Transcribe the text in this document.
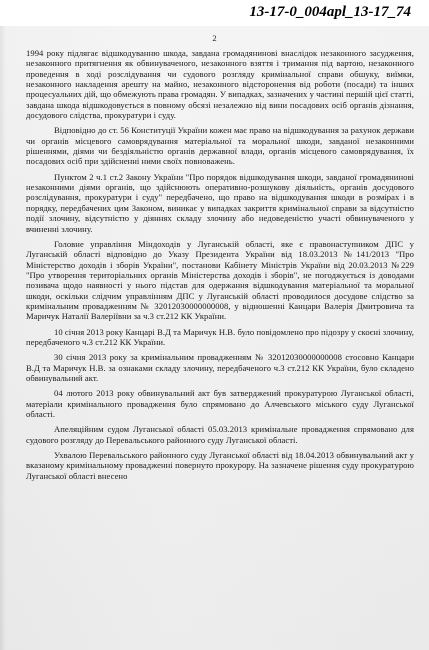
13-17-0_004apl_13-17_74
2

1994 року підлягає відшкодуванню шкода, завдана громадянинові внаслідок незаконного засудження, незаконного притягнення як обвинуваченого, незаконного взяття і тримання під вартою, незаконного проведення в ході розслідування чи судового розгляду кримінальної справи обшуку, виїмки, незаконного накладення арешту на майно, незаконного відсторонення від роботи (посади) та інших процесуальних дій, що обмежують права громадян. У випадках, зазначених у частині першій цієї статті, завдана шкода відшкодовується в повному обсязі незалежно від вини посадових осіб органів дізнання, досудового слідства, прокуратури і суду.

Відповідно до ст. 56 Конституції України кожен має право на відшкодування за рахунок держави чи органів місцевого самоврядування матеріальної та моральної шкоди, завданої незаконними рішеннями, діями чи бездіяльністю органів державної влади, органів місцевого самоврядування, їх посадових осіб при здійсненні ними своїх повноважень.

Пунктом 2 ч.1 ст.2 Закону України "Про порядок відшкодування шкоди, завданої громадянинові незаконними діями органів, що здійснюють оперативно-розшукову діяльність, органів досудового розслідування, прокуратури і суду" передбачено, що право на відшкодування шкоди в розмірах і в порядку, передбачених цим Законом, виникає у випадках закриття кримінальної справи за відсутністю події злочину, відсутністю у діяннях складу злочину або недоведеністю участі обвинуваченого у вчиненні злочину.

Головне управління Міндоходів у Луганській області, яке є правонаступником ДПС у Луганській області відповідно до Указу Президента України від 18.03.2013 №141/2013 "Про Міністерство доходів і зборів України", постанови Кабінету Міністрів України від 20.03.2013 №229 "Про утворення територіальних органів Міністерства доходів і зборів", не погоджується із доводами позивача щодо наявності у нього підстав для одержання відшкодування матеріальної та моральної шкоди, оскільки слідчим управлінням ДПС у Луганській області проводилося досудове слідство за кримінальним провадженням № 32012030000000008, у відношенні Канцари Валерія Дмитровича та Маричук Наталії Валеріївни за ч.3 ст.212 КК України.

10 січня 2013 року Канцарі В.Д та Маричук Н.В. було повідомлено про підозру у скоєні злочину, передбаченого ч.3 ст.212 КК України.

30 січня 2013 року за кримінальним провадженням № 32012030000000008 стосовно Канцари В.Д та Маричук Н.В. за ознаками складу злочину, передбаченого ч.3 ст.212 КК України, було складено обвинувальний акт.

04 лютого 2013 року обвинувальний акт був затверджений прокуратурою Луганської області, матеріали кримінального провадження було спрямовано до Алчевського міського суду Луганської області.

Апеляційним судом Луганської області 05.03.2013 кримінальне провадження спрямовано для судового розгляду до Перевальського районного суду Луганської області.

Ухвалою Перевальського районного суду Луганської області від 18.04.2013 обвинувальний акт у вказаному кримінальному провадженні повернуто прокурору. На зазначене рішення суду прокуратурою Луганської області внесено
